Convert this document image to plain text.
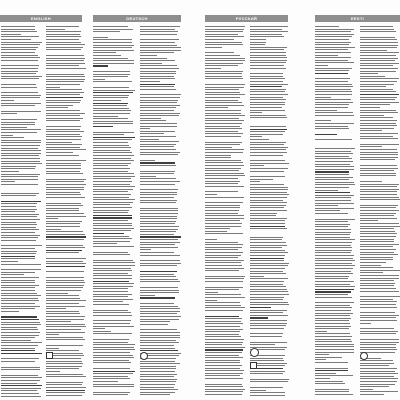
ENGLISH	DEUTSCH	РУССКИЙ	ЕESTI
